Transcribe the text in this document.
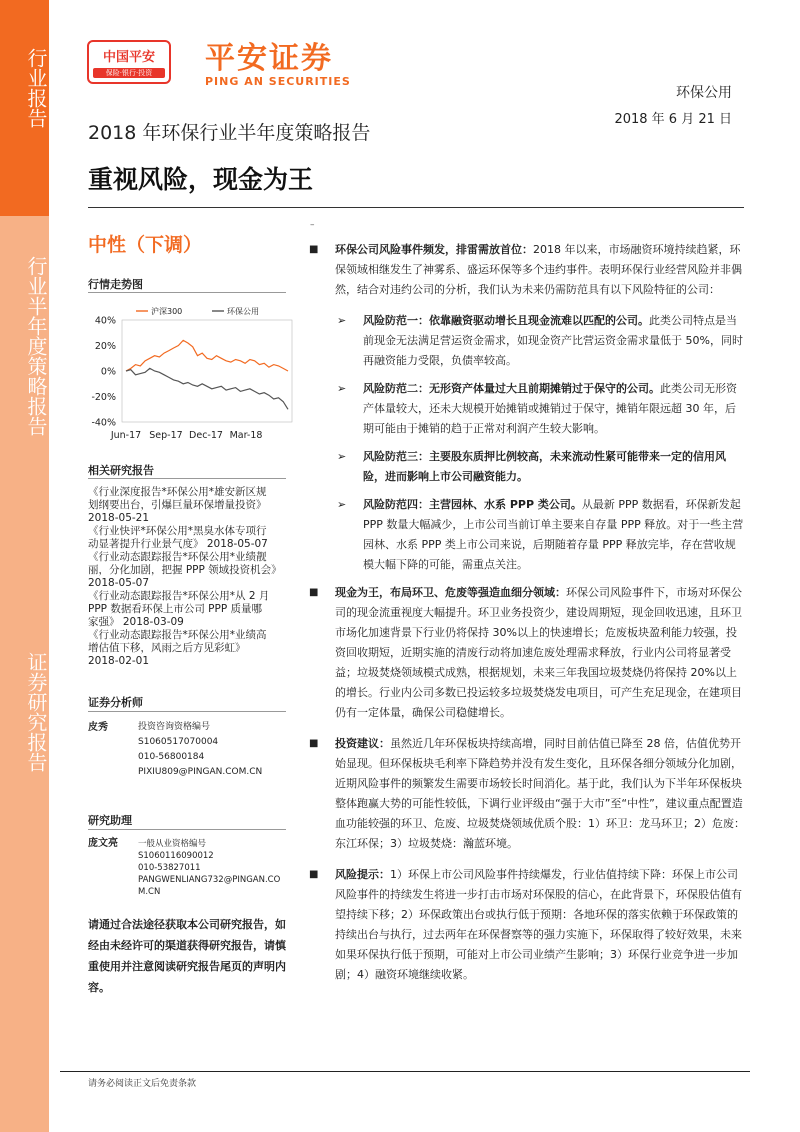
行业报告
行业半年度策略报告
证券研究报告
中国平安
保险·银行·投资	平安证券
PING AN SECURITIES
环保公用
2018 年 6 月 21 日
2018 年环保行业半年度策略报告
重视风险，现金为王
–
中性（下调）
行情走势图
40%
20%
0%
-20%
-40%
Jun-17 Sep-17 Dec-17 Mar-18
沪深300	环保公用
相关研究报告
《行业深度报告*环保公用*雄安新区规
划纲要出台，引爆巨量环保增量投资》
2018-05-21
《行业快评*环保公用*黑臭水体专项行
动显著提升行业景气度》 2018-05-07
《行业动态跟踪报告*环保公用*业绩靓
丽，分化加剧，把握 PPP 领域投资机会》
2018-05-07
《行业动态跟踪报告*环保公用*从 2 月
PPP 数据看环保上市公司 PPP 质量哪
家强》 2018-03-09
《行业动态跟踪报告*环保公用*业绩高
增估值下移，风雨之后方见彩虹》
2018-02-01
证券分析师
皮秀	投资咨询资格编号
S1060517070004
010-56800184
PIXIU809@PINGAN.COM.CN
研究助理
庞文亮 一般从业资格编号
S1060116090012
010-53827011
PANGWENLIANG732@PINGAN.CO
M.CN
请通过合法途径获取本公司研究报告，如经由未经许可的渠道获得研究报告，请慎重使用并注意阅读研究报告尾页的声明内容。
■ 环保公司风险事件频发，排雷需放首位：2018 年以来，市场融资环境持续趋紧，环保领域相继发生了神雾系、盛运环保等多个违约事件。表明环保行业经营风险并非偶然，结合对违约公司的分析，我们认为未来仍需防范具有以下风险特征的公司：
➢ 风险防范一：依靠融资驱动增长且现金流难以匹配的公司。此类公司特点是当前现金无法满足营运资金需求，如现金资产比营运资金需求量低于 50%，同时再融资能力受限，负债率较高。
➢ 风险防范二：无形资产体量过大且前期摊销过于保守的公司。此类公司无形资产体量较大，还未大规模开始摊销或摊销过于保守，摊销年限远超 30 年，后期可能由于摊销的趋于正常对利润产生较大影响。
➢ 风险防范三：主要股东质押比例较高，未来流动性紧可能带来一定的信用风险，进而影响上市公司融资能力。
➢ 风险防范四：主营园林、水系 PPP 类公司。从最新 PPP 数据看，环保新发起 PPP 数量大幅减少，上市公司当前订单主要来自存量 PPP 释放。对于一些主营园林、水系 PPP 类上市公司来说，后期随着存量 PPP 释放完毕，存在营收规模大幅下降的可能，需重点关注。
■ 现金为王，布局环卫、危废等强造血细分领域：环保公司风险事件下，市场对环保公司的现金流重视度大幅提升。环卫业务投资少，建设周期短，现金回收迅速，且环卫市场化加速背景下行业仍将保持 30%以上的快速增长；危废板块盈利能力较强，投资回收期短，近期实施的清废行动将加速危废处理需求释放，行业内公司将显著受益；垃圾焚烧领域模式成熟，根据规划，未来三年我国垃圾焚烧仍将保持 20%以上的增长。行业内公司多数已投运较多垃圾焚烧发电项目，可产生充足现金，在建项目仍有一定体量，确保公司稳健增长。
■ 投资建议：虽然近几年环保板块持续高增，同时目前估值已降至 28 倍，估值优势开始显现。但环保板块毛利率下降趋势并没有发生变化，且环保各细分领域分化加剧，近期风险事件的频繁发生需要市场较长时间消化。基于此，我们认为下半年环保板块整体跑赢大势的可能性较低，下调行业评级由“强于大市”至“中性”，建议重点配置造血功能较强的环卫、危废、垃圾焚烧领域优质个股：1）环卫：龙马环卫；2）危废：东江环保；3）垃圾焚烧：瀚蓝环境。
■ 风险提示：1）环保上市公司风险事件持续爆发，行业估值持续下降：环保上市公司风险事件的持续发生将进一步打击市场对环保股的信心，在此背景下，环保股估值有望持续下移；2）环保政策出台或执行低于预期：各地环保的落实依赖于环保政策的持续出台与执行，过去两年在环保督察等的强力实施下，环保取得了较好效果，未来如果环保执行低于预期，可能对上市公司业绩产生影响；3）环保行业竞争进一步加剧；4）融资环境继续收紧。
请务必阅读正文后免责条款
